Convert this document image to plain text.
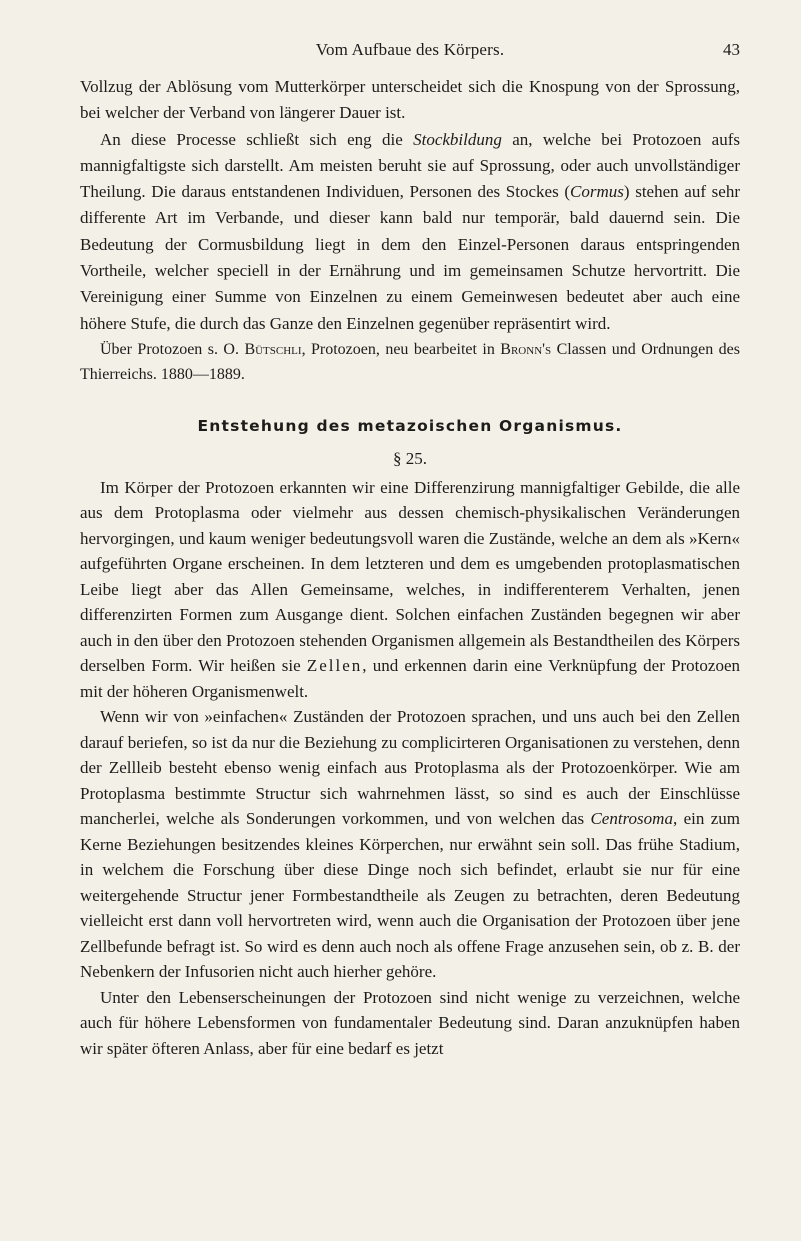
Vom Aufbaue des Körpers.	43

Vollzug der Ablösung vom Mutterkörper unterscheidet sich die Knospung von der Sprossung, bei welcher der Verband von längerer Dauer ist.

An diese Processe schließt sich eng die Stockbildung an, welche bei Protozoen aufs mannigfaltigste sich darstellt. Am meisten beruht sie auf Sprossung, oder auch unvollständiger Theilung. Die daraus entstandenen Individuen, Personen des Stockes (Cormus) stehen auf sehr differente Art im Verbande, und dieser kann bald nur temporär, bald dauernd sein. Die Bedeutung der Cormusbildung liegt in dem den Einzel-Personen daraus entspringenden Vortheile, welcher speciell in der Ernährung und im gemeinsamen Schutze hervortritt. Die Vereinigung einer Summe von Einzelnen zu einem Gemeinwesen bedeutet aber auch eine höhere Stufe, die durch das Ganze den Einzelnen gegenüber repräsentirt wird.

Über Protozoen s. O. Bütschli, Protozoen, neu bearbeitet in Bronn's Classen und Ordnungen des Thierreichs. 1880—1889.

Entstehung des metazoischen Organismus.
§ 25.

Im Körper der Protozoen erkannten wir eine Differenzirung mannigfaltiger Gebilde, die alle aus dem Protoplasma oder vielmehr aus dessen chemisch-physikalischen Veränderungen hervorgingen, und kaum weniger bedeutungsvoll waren die Zustände, welche an dem als »Kern« aufgeführten Organe erscheinen. In dem letzteren und dem es umgebenden protoplasmatischen Leibe liegt aber das Allen Gemeinsame, welches, in indifferenterem Verhalten, jenen differenzirten Formen zum Ausgange dient. Solchen einfachen Zuständen begegnen wir aber auch in den über den Protozoen stehenden Organismen allgemein als Bestandtheilen des Körpers derselben Form. Wir heißen sie Zellen, und erkennen darin eine Verknüpfung der Protozoen mit der höheren Organismenwelt.

Wenn wir von »einfachen« Zuständen der Protozoen sprachen, und uns auch bei den Zellen darauf beriefen, so ist da nur die Beziehung zu complicirteren Organisationen zu verstehen, denn der Zellleib besteht ebenso wenig einfach aus Protoplasma als der Protozoenkörper. Wie am Protoplasma bestimmte Structur sich wahrnehmen lässt, so sind es auch der Einschlüsse mancherlei, welche als Sonderungen vorkommen, und von welchen das Centrosoma, ein zum Kerne Beziehungen besitzendes kleines Körperchen, nur erwähnt sein soll. Das frühe Stadium, in welchem die Forschung über diese Dinge noch sich befindet, erlaubt sie nur für eine weitergehende Structur jener Formbestandtheile als Zeugen zu betrachten, deren Bedeutung vielleicht erst dann voll hervortreten wird, wenn auch die Organisation der Protozoen über jene Zellbefunde befragt ist. So wird es denn auch noch als offene Frage anzusehen sein, ob z. B. der Nebenkern der Infusorien nicht auch hierher gehöre.

Unter den Lebenserscheinungen der Protozoen sind nicht wenige zu verzeichnen, welche auch für höhere Lebensformen von fundamentaler Bedeutung sind. Daran anzuknüpfen haben wir später öfteren Anlass, aber für eine bedarf es jetzt
